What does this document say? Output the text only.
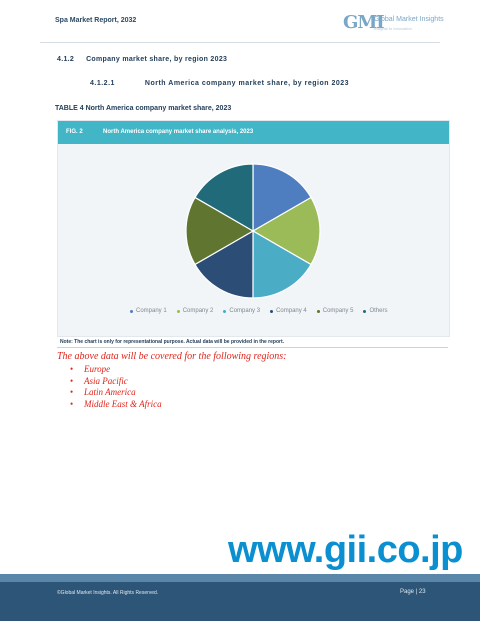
Spa Market Report, 2032	GMI
Global Market Insights
Insights to Innovation
4.1.2 Company market share, by region 2023
4.1.2.1	North America company market share, by region 2023
TABLE 4 North America company market share, 2023
FIG. 2	North America company market share analysis, 2023
Company 1	Company 2	Company 3	Company 4	Company 5	Others
Note: The chart is only for representational purpose. Actual data will be provided in the report.
The above data will be covered for the following regions:
• Europe
• Asia Pacific
• Latin America
• Middle East & Africa
www.gii.co.jp
©Global Market Insights. All Rights Reserved.	Page | 23
